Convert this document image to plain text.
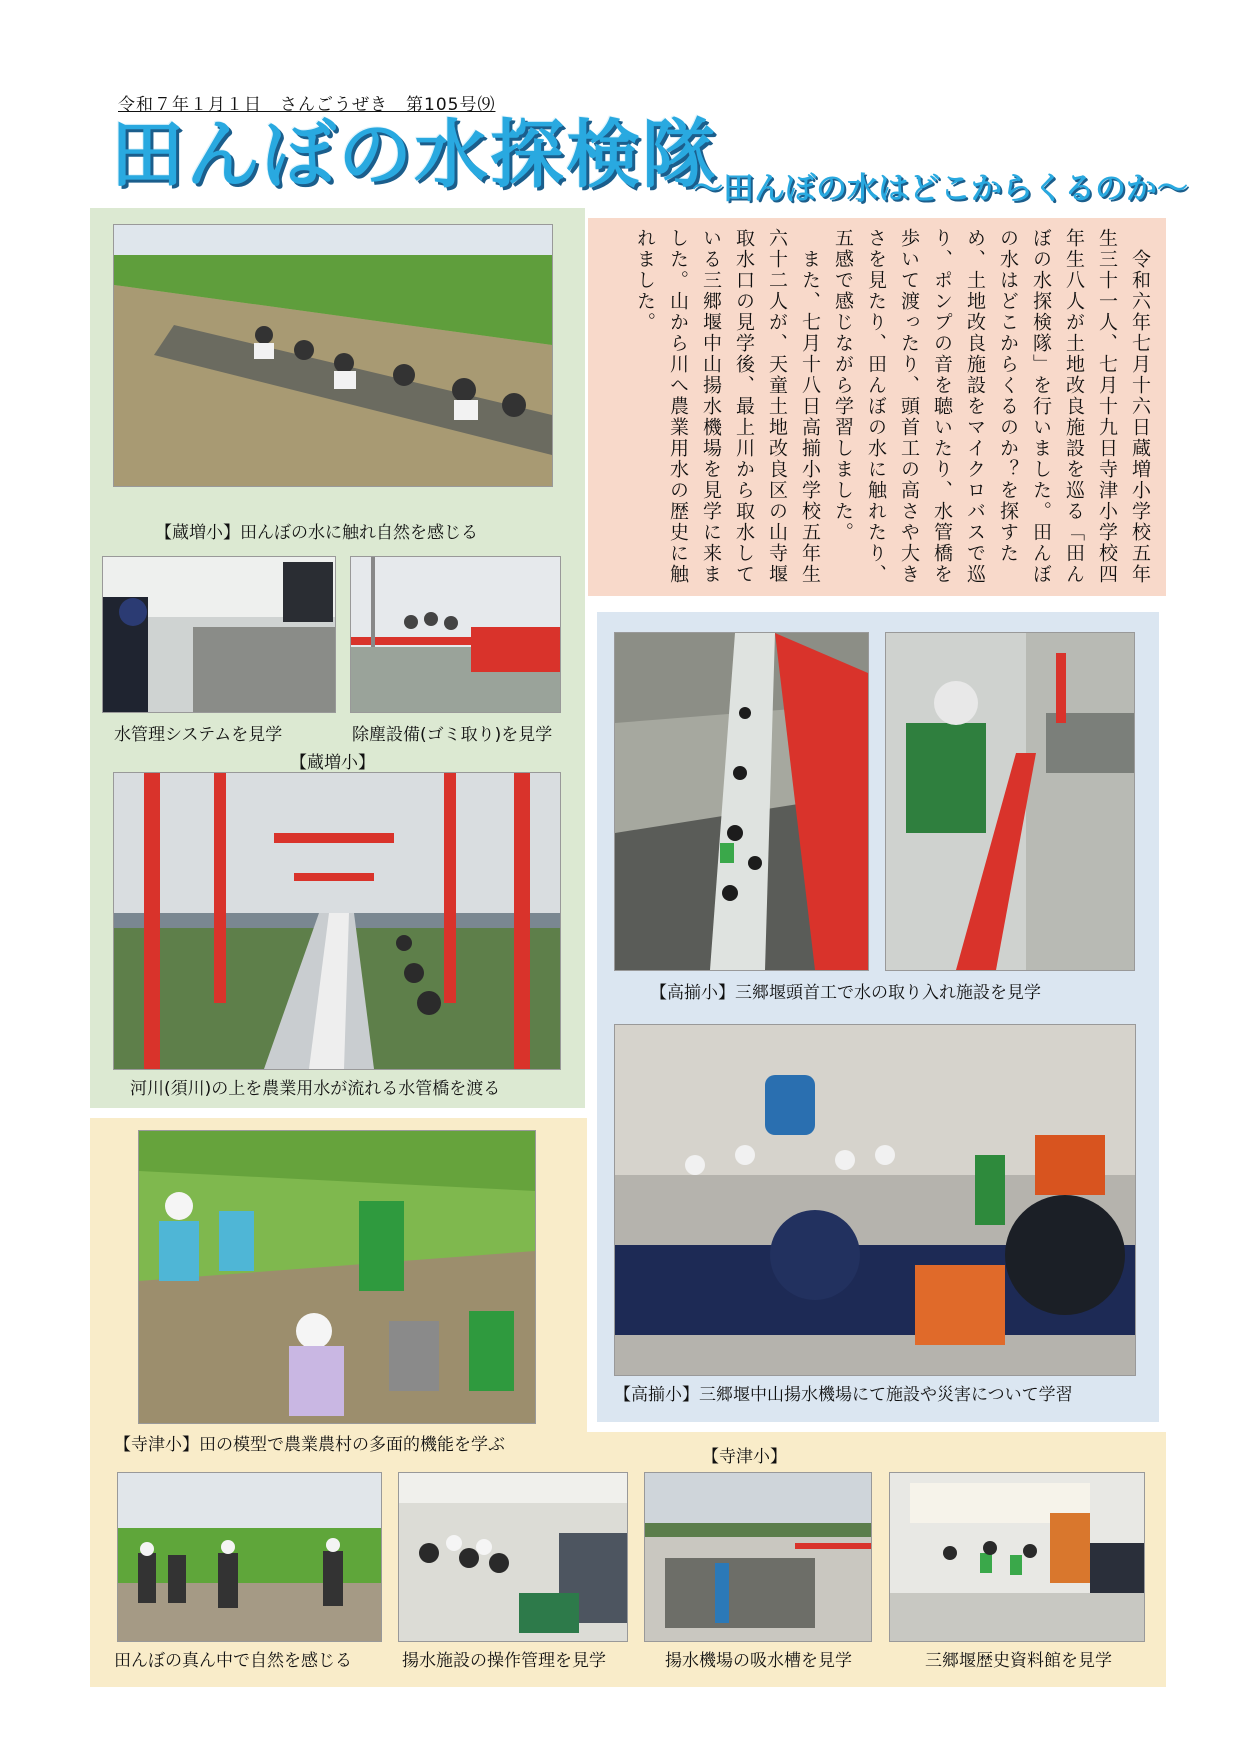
令和７年１月１日　さんごうぜき　第105号⑼
田んぼの水探検隊
～田んぼの水はどこからくるのか～
　令和六年七月十六日蔵増小学校五年生三十一人、七月十九日寺津小学校四年生八人が土地改良施設を巡る「田んぼの水探検隊」を行いました。田んぼの水はどこからくるのか？を探すため、土地改良施設をマイクロバスで巡り、ポンプの音を聴いたり、水管橋を歩いて渡ったり、頭首工の高さや大きさを見たり、田んぼの水に触れたり、五感で感じながら学習しました。
　また、七月十八日高揃小学校五年生六十二人が、天童土地改良区の山寺堰取水口の見学後、最上川から取水している三郷堰中山揚水機場を見学に来ました。山から川へ農業用水の歴史に触れました。
【蔵増小】田んぼの水に触れ自然を感じる
水管理システムを見学	除塵設備(ゴミ取り)を見学
【蔵増小】
河川(須川)の上を農業用水が流れる水管橋を渡る
【高揃小】三郷堰頭首工で水の取り入れ施設を見学
【高揃小】三郷堰中山揚水機場にて施設や災害について学習
【寺津小】田の模型で農業農村の多面的機能を学ぶ
【寺津小】
田んぼの真ん中で自然を感じる	揚水施設の操作管理を見学	揚水機場の吸水槽を見学	三郷堰歴史資料館を見学
